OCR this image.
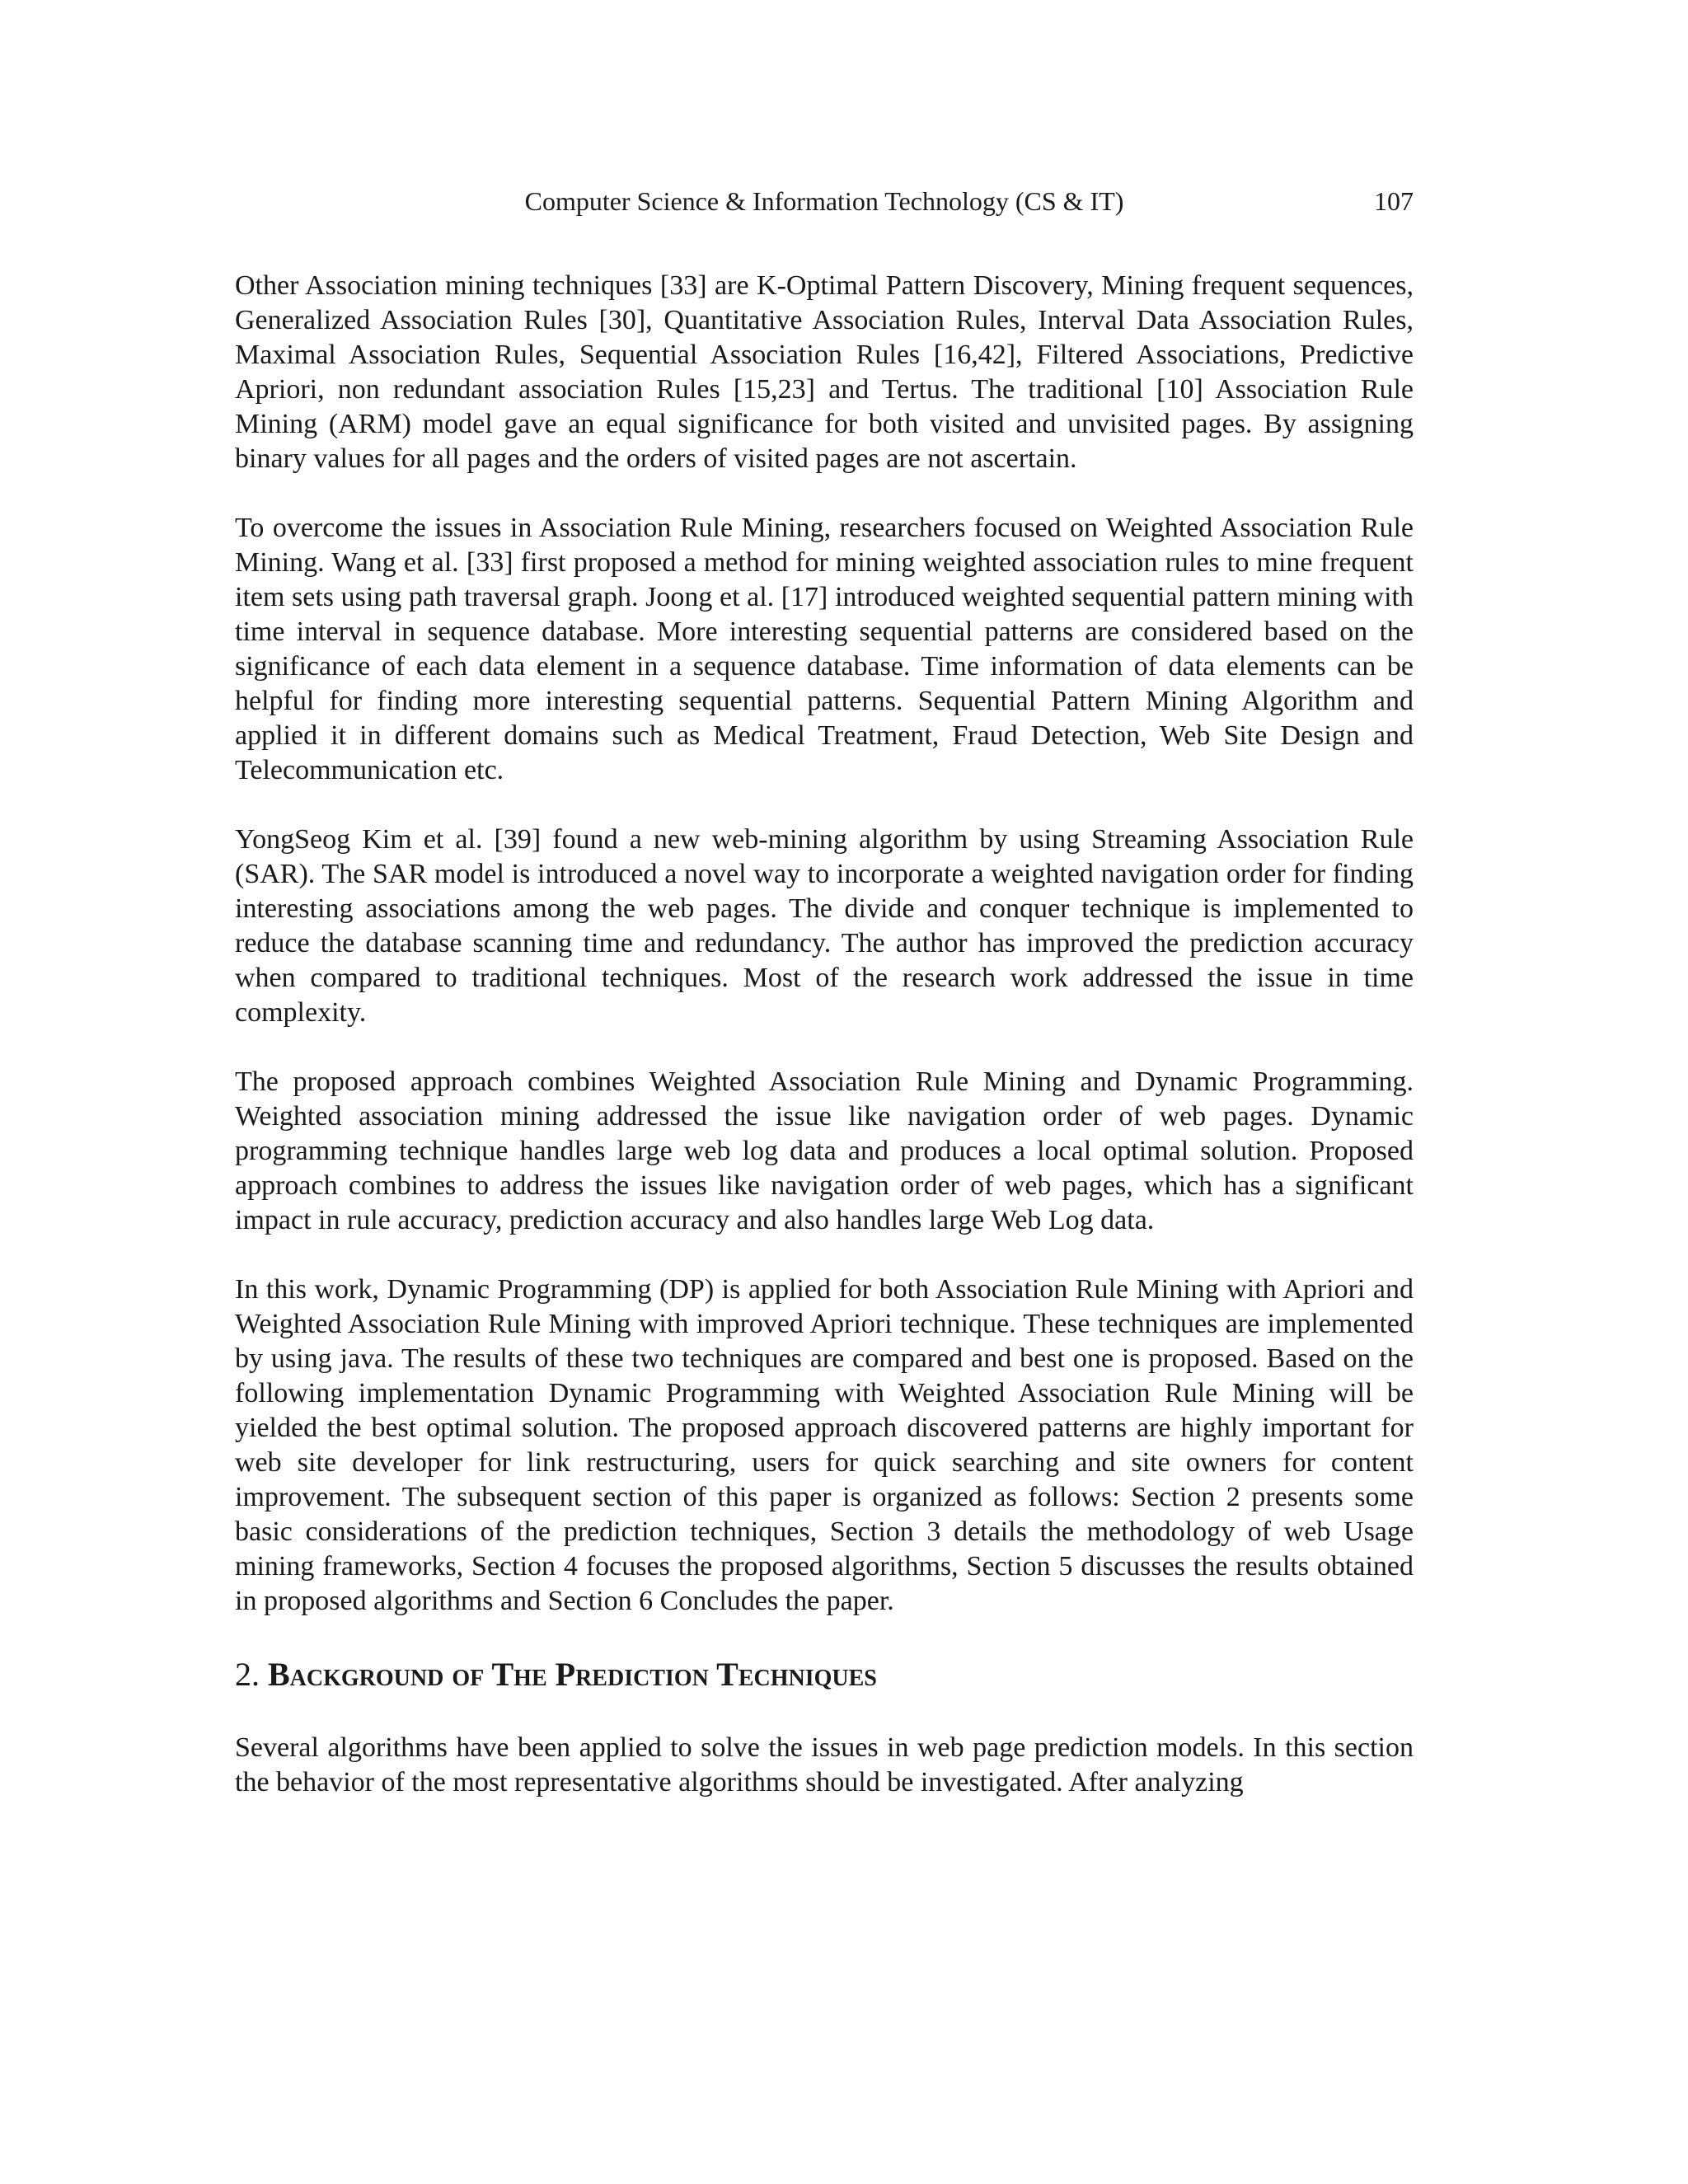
Computer Science & Information Technology (CS & IT)	107

Other Association mining techniques [33] are K-Optimal Pattern Discovery, Mining frequent sequences, Generalized Association Rules [30], Quantitative Association Rules, Interval Data Association Rules, Maximal Association Rules, Sequential Association Rules [16,42], Filtered Associations, Predictive Apriori, non redundant association Rules [15,23] and Tertus. The traditional [10] Association Rule Mining (ARM) model gave an equal significance for both visited and unvisited pages. By assigning binary values for all pages and the orders of visited pages are not ascertain.

To overcome the issues in Association Rule Mining, researchers focused on Weighted Association Rule Mining. Wang et al. [33] first proposed a method for mining weighted association rules to mine frequent item sets using path traversal graph. Joong et al. [17] introduced weighted sequential pattern mining with time interval in sequence database. More interesting sequential patterns are considered based on the significance of each data element in a sequence database. Time information of data elements can be helpful for finding more interesting sequential patterns. Sequential Pattern Mining Algorithm and applied it in different domains such as Medical Treatment, Fraud Detection, Web Site Design and Telecommunication etc.

YongSeog Kim et al. [39] found a new web-mining algorithm by using Streaming Association Rule (SAR). The SAR model is introduced a novel way to incorporate a weighted navigation order for finding interesting associations among the web pages. The divide and conquer technique is implemented to reduce the database scanning time and redundancy. The author has improved the prediction accuracy when compared to traditional techniques. Most of the research work addressed the issue in time complexity.

The proposed approach combines Weighted Association Rule Mining and Dynamic Programming. Weighted association mining addressed the issue like navigation order of web pages. Dynamic programming technique handles large web log data and produces a local optimal solution. Proposed approach combines to address the issues like navigation order of web pages, which has a significant impact in rule accuracy, prediction accuracy and also handles large Web Log data.

In this work, Dynamic Programming (DP) is applied for both Association Rule Mining with Apriori and Weighted Association Rule Mining with improved Apriori technique. These techniques are implemented by using java. The results of these two techniques are compared and best one is proposed. Based on the following implementation Dynamic Programming with Weighted Association Rule Mining will be yielded the best optimal solution. The proposed approach discovered patterns are highly important for web site developer for link restructuring, users for quick searching and site owners for content improvement. The subsequent section of this paper is organized as follows: Section 2 presents some basic considerations of the prediction techniques, Section 3 details the methodology of web Usage mining frameworks, Section 4 focuses the proposed algorithms, Section 5 discusses the results obtained in proposed algorithms and Section 6 Concludes the paper.

2. Background of The Prediction Techniques

Several algorithms have been applied to solve the issues in web page prediction models. In this section the behavior of the most representative algorithms should be investigated. After analyzing
